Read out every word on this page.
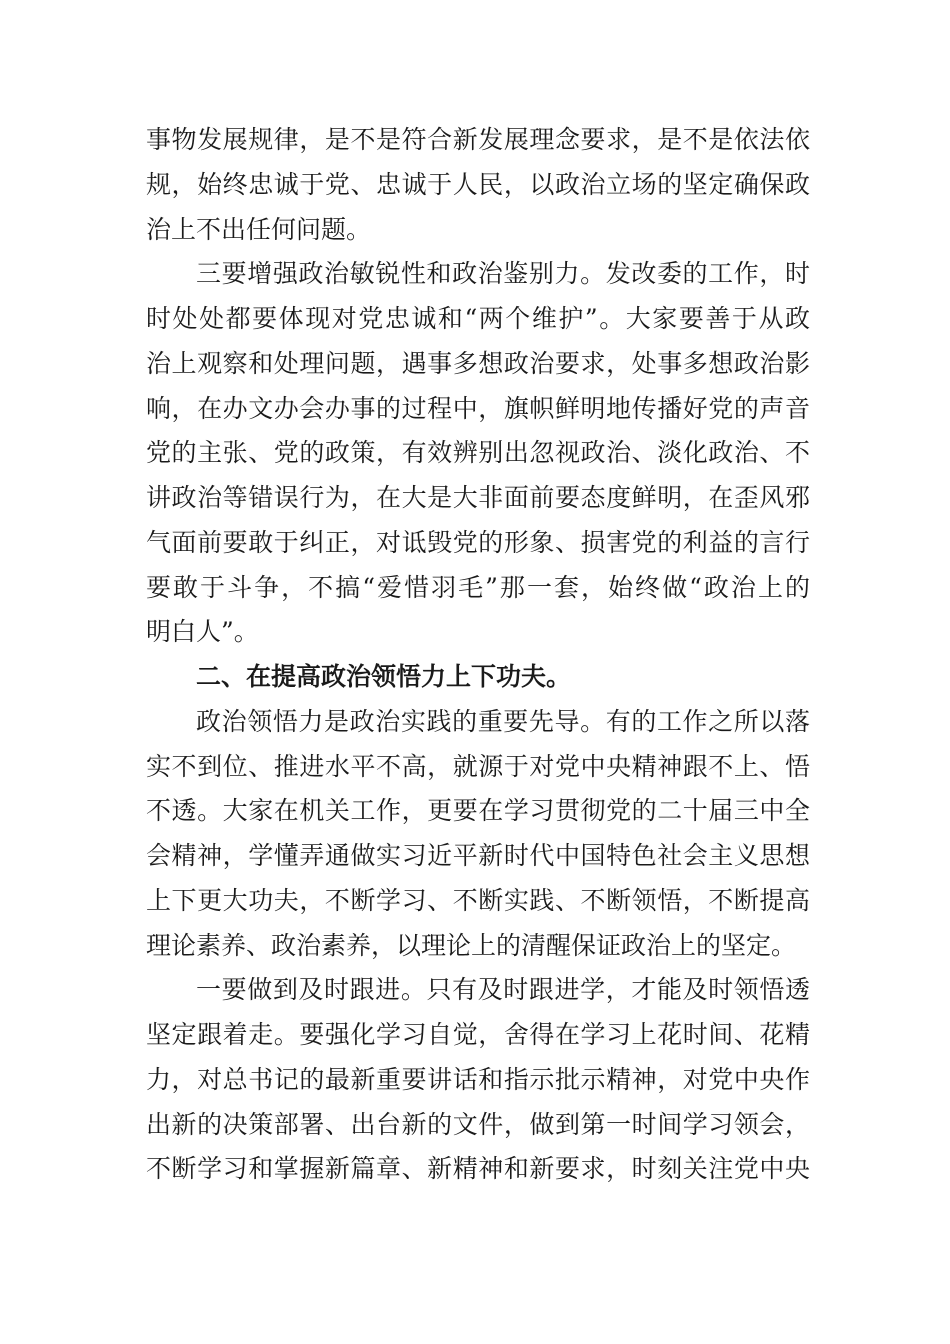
事物发展规律，是不是符合新发展理念要求，是不是依法依
规，始终忠诚于党、忠诚于人民，以政治立场的坚定确保政
治上不出任何问题。
三要增强政治敏锐性和政治鉴别力。发改委的工作，时
时处处都要体现对党忠诚和“两个维护”。大家要善于从政
治上观察和处理问题，遇事多想政治要求，处事多想政治影
响，在办文办会办事的过程中，旗帜鲜明地传播好党的声音
党的主张、党的政策，有效辨别出忽视政治、淡化政治、不
讲政治等错误行为，在大是大非面前要态度鲜明，在歪风邪
气面前要敢于纠正，对诋毁党的形象、损害党的利益的言行
要敢于斗争，不搞“爱惜羽毛”那一套，始终做“政治上的
明白人”。
二、在提高政治领悟力上下功夫。
政治领悟力是政治实践的重要先导。有的工作之所以落
实不到位、推进水平不高，就源于对党中央精神跟不上、悟
不透。大家在机关工作，更要在学习贯彻党的二十届三中全
会精神，学懂弄通做实习近平新时代中国特色社会主义思想
上下更大功夫，不断学习、不断实践、不断领悟，不断提高
理论素养、政治素养，以理论上的清醒保证政治上的坚定。
一要做到及时跟进。只有及时跟进学，才能及时领悟透
坚定跟着走。要强化学习自觉，舍得在学习上花时间、花精
力，对总书记的最新重要讲话和指示批示精神，对党中央作
出新的决策部署、出台新的文件，做到第一时间学习领会，
不断学习和掌握新篇章、新精神和新要求，时刻关注党中央
